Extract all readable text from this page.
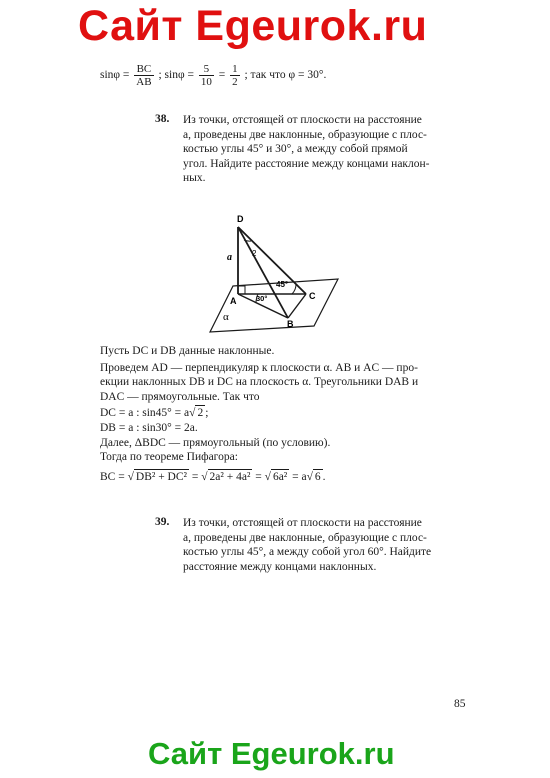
Сайт Egeurok.ru
$\sin\varphi = \frac{BC}{AB}$ ; $\sin\varphi = \frac{5}{10} = \frac{1}{2}$ ; так что φ = 30°.
38. Из точки, отстоящей от плоскости на расстояние
a, проведены две наклонные, образующие с плос-
костью углы 45° и 30°, а между собой прямой
угол. Найдите расстояние между концами наклон-
ных.
D
a	2
45°
30°
A	C
B
α
Пусть DC и DB данные наклонные.
Проведем AD — перпендикуляр к плоскости α. AB и AC — про-
екции наклонных DB и DC на плоскость α. Треугольники DAB и
DAC — прямоугольные. Так что
DC = a : sin45° = a√ 2 ;
DB = a : sin30° = 2a.
Далее, ΔBDC — прямоугольный (по условию).
Тогда по теореме Пифагора:
BC = √ DB² + DC² = √ 2a² + 4a² = √ 6a² = a√ 6 .
39. Из точки, отстоящей от плоскости на расстояние
a, проведены две наклонные, образующие с плос-
костью углы 45°, а между собой угол 60°. Найдите
расстояние между концами наклонных.
85
Сайт Egeurok.ru
